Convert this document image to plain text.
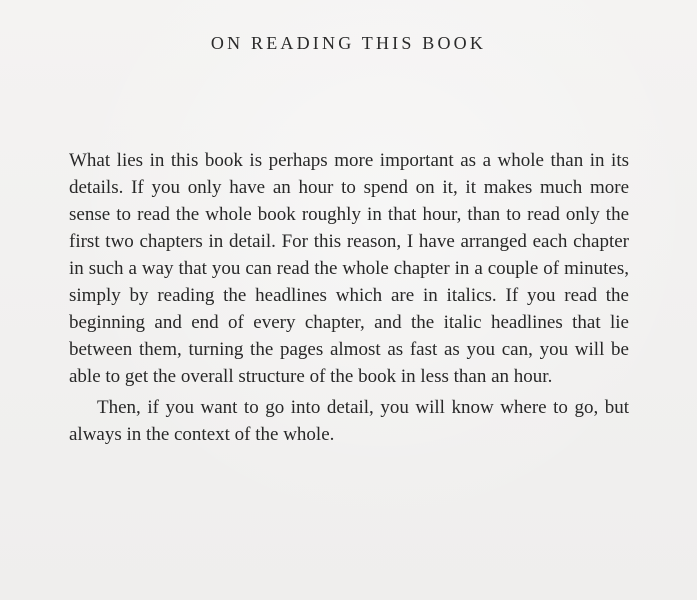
ON READING THIS BOOK

What lies in this book is perhaps more important as a whole than in its details. If you only have an hour to spend on it, it makes much more sense to read the whole book roughly in that hour, than to read only the first two chapters in detail. For this reason, I have arranged each chapter in such a way that you can read the whole chapter in a couple of minutes, simply by reading the headlines which are in italics. If you read the beginning and end of every chapter, and the italic headlines that lie between them, turning the pages almost as fast as you can, you will be able to get the overall structure of the book in less than an hour.

Then, if you want to go into detail, you will know where to go, but always in the context of the whole.
